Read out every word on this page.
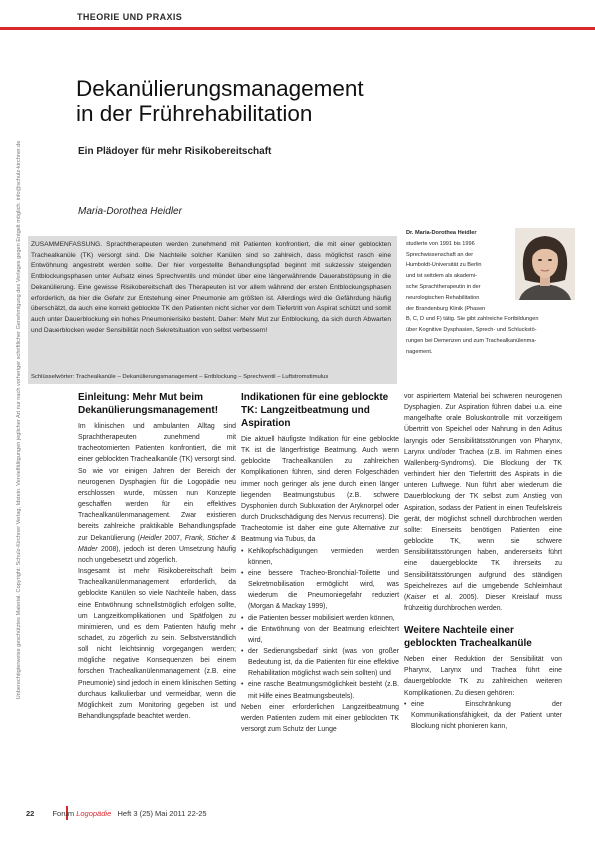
THEORIE UND PRAXIS
Unberechtigterweise geschütztes Material. Copyright: Schulz-Kirchner Verlag, Idstein. Vervielfältigungen jeglicher Art nur nach vorheriger schriftlicher Genehmigung des Verlages gegen Entgelt möglich. info@schulz-kirchner.de
Dekanülierungsmanagement
in der Frührehabilitation
Ein Plädoyer für mehr Risikobereitschaft
Maria-Dorothea Heidler
ZUSAMMENFASSUNG. Sprachtherapeuten werden zunehmend mit Patienten konfrontiert, die mit einer geblockten Trachealkanüle (TK) versorgt sind. Die Nachteile solcher Kanülen sind so zahlreich, dass möglichst rasch eine Entwöhnung angestrebt werden sollte. Der hier vorgestellte Behandlungspfad beginnt mit sukzessiv steigenden Entblockungsphasen unter Aufsatz eines Sprechventils und mündet über eine längerwährende Dauerabstöpsung in die Dekanülierung. Eine gewisse Risikobereitschaft des Therapeuten ist vor allem während der ersten Entblockungsphasen erforderlich, da hier die Gefahr zur Entstehung einer Pneumonie am größten ist. Allerdings wird die Gefährdung häufig überschätzt, da auch eine korrekt geblockte TK den Patienten nicht sicher vor dem Tiefertritt von Aspirat schützt und somit auch unter Dauerblockung ein hohes Pneumonierisiko besteht. Daher: Mehr Mut zur Entblockung, da sich durch Abwarten und Dauerblocken weder Sensibilität noch Sekretsituation von selbst verbessern!
Schlüsselwörter: Trachealkanüle – Dekanülierungsmanagement – Entblockung – Sprechventil – Luftstromstimulus
Dr. Maria-Dorothea Heidler
studierte von 1991 bis 1996
Sprechwissenschaft an der
Humboldt-Universität zu Berlin
und ist seitdem als akademi-
sche Sprachtherapeutin in der
neurologischen Rehabilitation
der Brandenburg Klinik (Phasen
B, C, D und F) tätig. Sie gibt zahlreiche Fortbildungen
über Kognitive Dysphasien, Sprech- und Schluckstö-
rungen bei Demenzen und zum Trachealkanülenma-
nagement.
Einleitung: Mehr Mut beim Dekanülierungsmanagement!

Im klinischen und ambulanten Alltag sind Sprachtherapeuten zunehmend mit tracheotomierten Patienten konfrontiert, die mit einer geblockten Trachealkanüle (TK) versorgt sind. So wie vor einigen Jahren der Bereich der neurogenen Dysphagien für die Logopädie neu erschlossen wurde, müssen nun Konzepte geschaffen werden für ein effektives Trachealkanülenmanagement. Zwar existieren bereits zahlreiche praktikable Behandlungspfade zur Dekanülierung (Heidler 2007, Frank, Sticher & Mäder 2008), jedoch ist deren Umsetzung häufig noch ungebesetzt und zögerlich.

Insgesamt ist mehr Risikobereitschaft beim Trachealkanülenmanagement erforderlich, da geblockte Kanülen so viele Nachteile haben, dass eine Entwöhnung schnellstmöglich erfolgen sollte, um Langzeitkomplikationen und Spätfolgen zu minimieren, und es dem Patienten häufig mehr schadet, zu zögerlich zu sein. Selbstverständlich soll nicht leichtsinnig vorgegangen werden; mögliche negative Konsequenzen bei einem forschen Trachealkanülenmanagement (z.B. eine Pneumonie) sind jedoch in einem klinischen Setting durchaus kalkulierbar und vermeidbar, wenn die Möglichkeit zum Monitoring gegeben ist und Behandlungspfade beachtet werden.

Indikationen für eine geblockte TK: Langzeitbeatmung und Aspiration

Die aktuell häufigste Indikation für eine geblockte TK ist die längerfristige Beatmung. Auch wenn geblockte Trachealkanülen zu zahlreichen Komplikationen führen, sind deren Folgeschäden immer noch geringer als jene durch einen länger liegenden Beatmungstubus (z.B. schwere Dysphonien durch Subluxation der Aryknorpel oder durch Druckschädigung des Nervus recurrens). Die Tracheotomie ist daher eine gute Alternative zur Beatmung via Tubus, da

• Kehlkopfschädigungen vermieden werden können,
• eine bessere Tracheo-Bronchial-Toilette und Sekretmobilisation ermöglicht wird, was wiederum die Pneumoniegefahr reduziert (Morgan & Mackay 1999),
• die Patienten besser mobilisiert werden können,
• die Entwöhnung von der Beatmung erleichtert wird,
• der Sedierungsbedarf sinkt (was von großer Bedeutung ist, da die Patienten für eine effektive Rehabilitation möglichst wach sein sollten) und
• eine rasche Beatmungsmöglichkeit besteht (z.B. mit Hilfe eines Beatmungsbeutels).

Neben einer erforderlichen Langzeitbeatmung werden Patienten zudem mit einer geblockten TK versorgt zum Schutz der Lunge

vor aspiriertem Material bei schweren neurogenen Dysphagien. Zur Aspiration führen dabei u.a. eine mangelhafte orale Boluskontrolle mit vorzeitigem Übertritt von Speichel oder Nahrung in den Aditus laryngis oder Sensibilitätsstörungen von Pharynx, Larynx und/oder Trachea (z.B. im Rahmen eines Wallenberg-Syndroms). Die Blockung der TK verhindert hier den Tiefertritt des Aspirats in die unteren Luftwege. Nun führt aber wiederum die Dauerblockung der TK selbst zum Anstieg von Aspiration, sodass der Patient in einen Teufelskreis gerät, der möglichst schnell durchbrochen werden sollte: Einerseits benötigen Patienten eine geblockte TK, wenn sie schwere Sensibilitätsstörungen haben, andererseits führt eine dauergeblockte TK ihrerseits zu Sensibilitätsstörungen aufgrund des ständigen Speichelrezes auf die umgebende Schleimhaut (Kaiser et al. 2005). Dieser Kreislauf muss frühzeitig durchbrochen werden.

Weitere Nachteile einer geblockten Trachealkanüle

Neben einer Reduktion der Sensibilität von Pharynx, Larynx und Trachea führt eine dauergeblockte TK zu zahlreichen weiteren Komplikationen. Zu diesen gehören:

• eine Einschränkung der Kommunikationsfähigkeit, da der Patient unter Blockung nicht phonieren kann,
22 Forum Logopädie Heft 3 (25) Mai 2011 22-25
